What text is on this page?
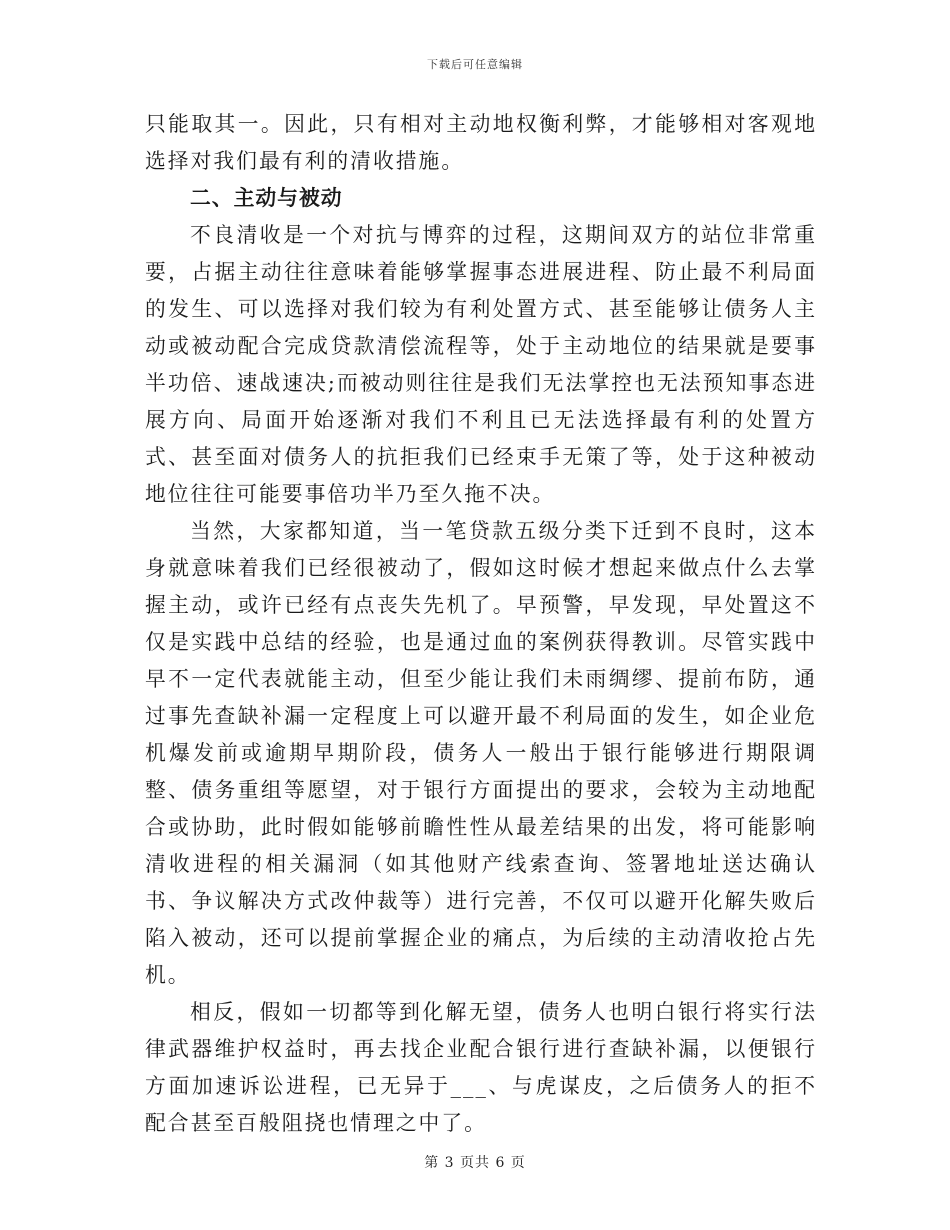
下载后可任意编辑

只能取其一。因此，只有相对主动地权衡利弊，才能够相对客观地选择对我们最有利的清收措施。

二、主动与被动

不良清收是一个对抗与博弈的过程，这期间双方的站位非常重要，占据主动往往意味着能够掌握事态进展进程、防止最不利局面的发生、可以选择对我们较为有利处置方式、甚至能够让债务人主动或被动配合完成贷款清偿流程等，处于主动地位的结果就是要事半功倍、速战速决;而被动则往往是我们无法掌控也无法预知事态进展方向、局面开始逐渐对我们不利且已无法选择最有利的处置方式、甚至面对债务人的抗拒我们已经束手无策了等，处于这种被动地位往往可能要事倍功半乃至久拖不决。

当然，大家都知道，当一笔贷款五级分类下迁到不良时，这本身就意味着我们已经很被动了，假如这时候才想起来做点什么去掌握主动，或许已经有点丧失先机了。早预警，早发现，早处置这不仅是实践中总结的经验，也是通过血的案例获得教训。尽管实践中早不一定代表就能主动，但至少能让我们未雨绸缪、提前布防，通过事先查缺补漏一定程度上可以避开最不利局面的发生，如企业危机爆发前或逾期早期阶段，债务人一般出于银行能够进行期限调整、债务重组等愿望，对于银行方面提出的要求，会较为主动地配合或协助，此时假如能够前瞻性性从最差结果的出发，将可能影响清收进程的相关漏洞（如其他财产线索查询、签署地址送达确认书、争议解决方式改仲裁等）进行完善，不仅可以避开化解失败后陷入被动，还可以提前掌握企业的痛点，为后续的主动清收抢占先机。

相反，假如一切都等到化解无望，债务人也明白银行将实行法律武器维护权益时，再去找企业配合银行进行查缺补漏，以便银行方面加速诉讼进程，已无异于___、与虎谋皮，之后债务人的拒不配合甚至百般阻挠也情理之中了。

第 3 页共 6 页
